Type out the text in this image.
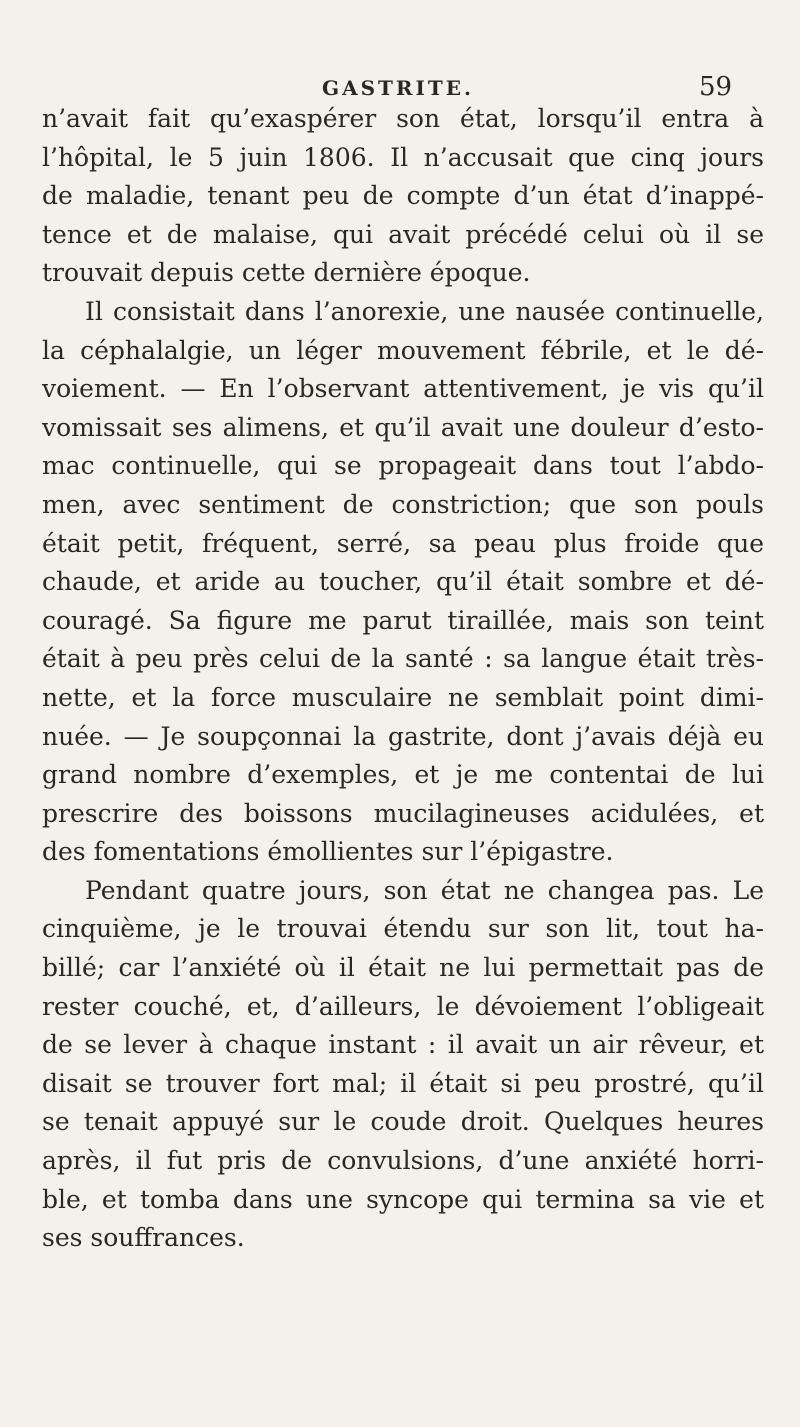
GASTRITE.	59
n’avait fait qu’exaspérer son état, lorsqu’il entra à
l’hôpital, le 5 juin 1806. Il n’accusait que cinq jours
de maladie, tenant peu de compte d’un état d’inappé-
tence et de malaise, qui avait précédé celui où il se
trouvait depuis cette dernière époque.
Il consistait dans l’anorexie, une nausée continuelle,
la céphalalgie, un léger mouvement fébrile, et le dé-
voiement. — En l’observant attentivement, je vis qu’il
vomissait ses alimens, et qu’il avait une douleur d’esto-
mac continuelle, qui se propageait dans tout l’abdo-
men, avec sentiment de constriction; que son pouls
était petit, fréquent, serré, sa peau plus froide que
chaude, et aride au toucher, qu’il était sombre et dé-
couragé. Sa figure me parut tiraillée, mais son teint
était à peu près celui de la santé : sa langue était très-
nette, et la force musculaire ne semblait point dimi-
nuée. — Je soupçonnai la gastrite, dont j’avais déjà eu
grand nombre d’exemples, et je me contentai de lui
prescrire des boissons mucilagineuses acidulées, et
des fomentations émollientes sur l’épigastre.
Pendant quatre jours, son état ne changea pas. Le
cinquième, je le trouvai étendu sur son lit, tout ha-
billé; car l’anxiété où il était ne lui permettait pas de
rester couché, et, d’ailleurs, le dévoiement l’obligeait
de se lever à chaque instant : il avait un air rêveur, et
disait se trouver fort mal; il était si peu prostré, qu’il
se tenait appuyé sur le coude droit. Quelques heures
après, il fut pris de convulsions, d’une anxiété horri-
ble, et tomba dans une syncope qui termina sa vie et
ses souffrances.
